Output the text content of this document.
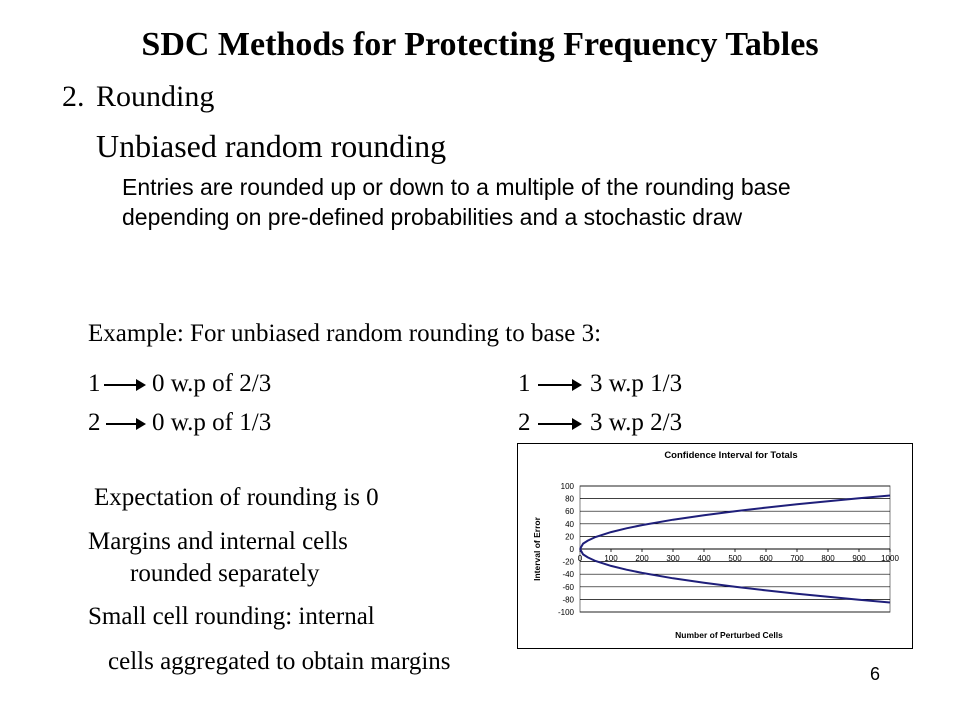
SDC Methods for Protecting Frequency Tables
2. Rounding
Unbiased random rounding
Entries are rounded up or down to a multiple of the rounding base depending on pre-defined probabilities and a stochastic draw
Example: For unbiased random rounding to base 3:
1 0 w.p of 2/3	1 3 w.p 1/3
2 0 w.p of 1/3	2 3 w.p 2/3
Expectation of rounding is 0
Margins and internal cells
rounded separately
Small cell rounding: internal
cells aggregated to obtain margins	6
Confidence Interval for Totals
-100
-80
-60
-40
-20
0
20
40
60
80
100
0	100 200 300 400 500 600 700 800 900 1000
Number of Perturbed Cells
Interval of Error
